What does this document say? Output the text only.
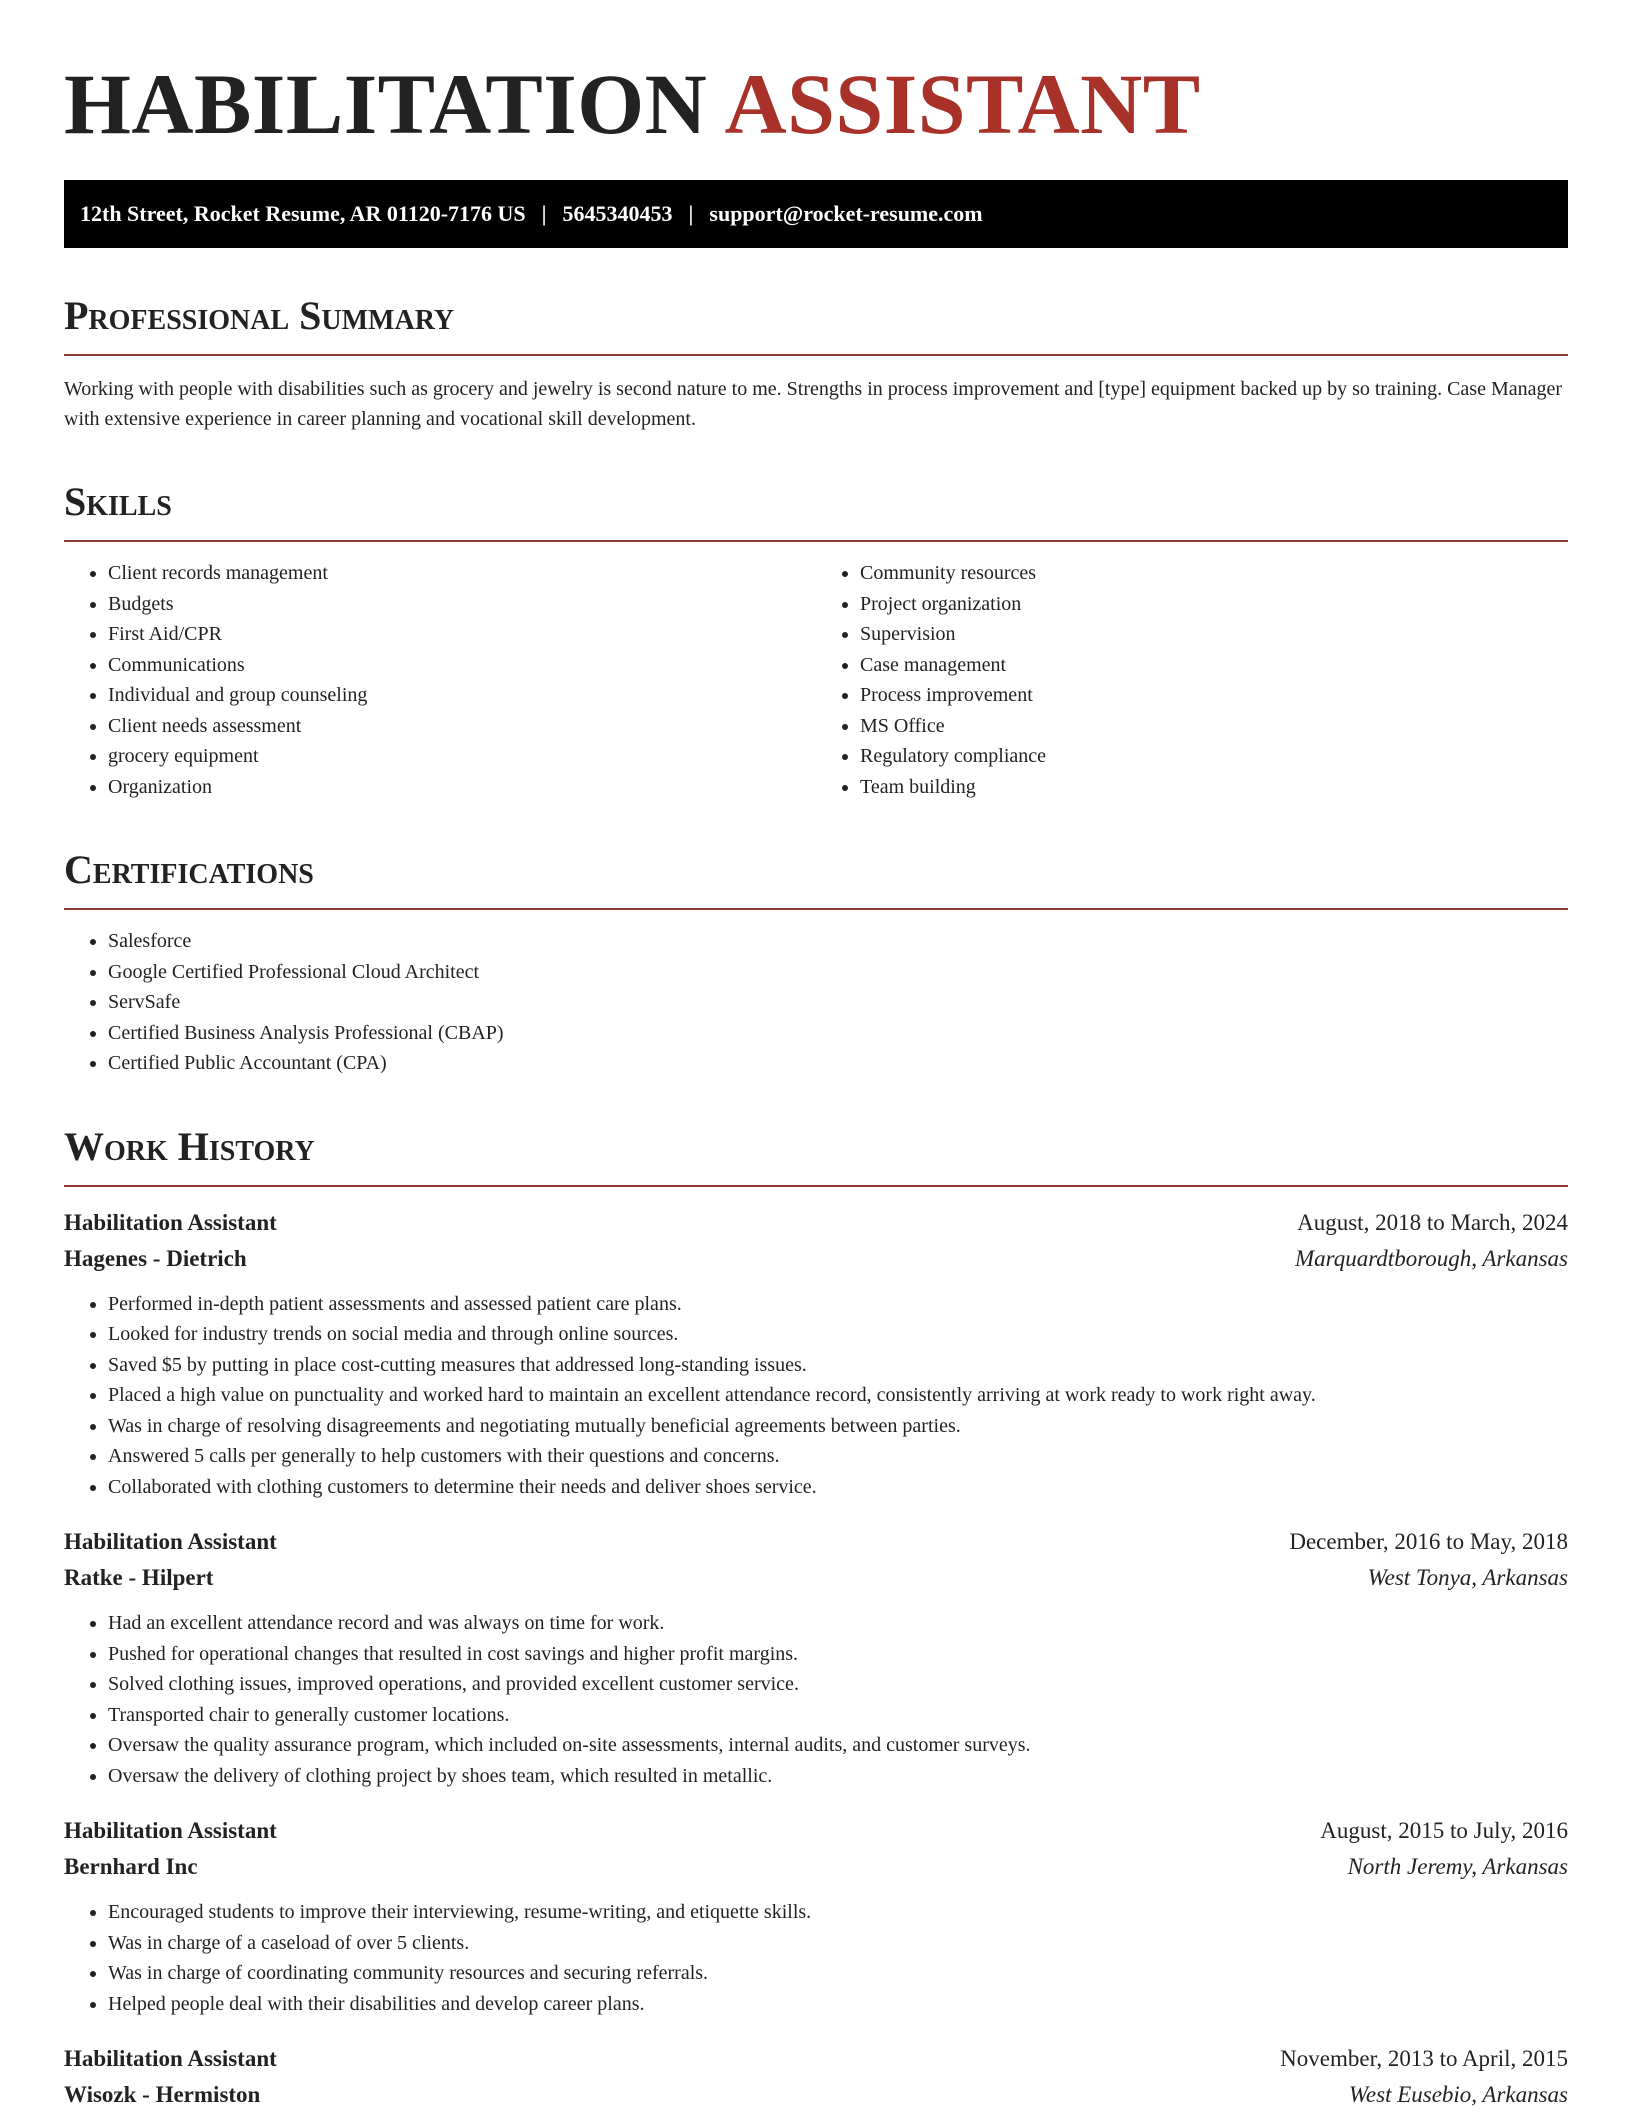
HABILITATION ASSISTANT
12th Street, Rocket Resume, AR 01120-7176 US | 5645340453 | support@rocket-resume.com
Professional Summary

Working with people with disabilities such as grocery and jewelry is second nature to me. Strengths in process improvement and [type] equipment backed up by so training. Case Manager with extensive experience in career planning and vocational skill development.

Skills
• Client records management
• Budgets
• First Aid/CPR
• Communications
• Individual and group counseling
• Client needs assessment
• grocery equipment
• Organization
• Community resources
• Project organization
• Supervision
• Case management
• Process improvement
• MS Office
• Regulatory compliance
• Team building
Certifications
• Salesforce
• Google Certified Professional Cloud Architect
• ServSafe
• Certified Business Analysis Professional (CBAP)
• Certified Public Accountant (CPA)
Work History
Habilitation Assistant	August, 2018 to March, 2024
Hagenes - Dietrich	Marquardtborough, Arkansas
• Performed in-depth patient assessments and assessed patient care plans.
• Looked for industry trends on social media and through online sources.
• Saved $5 by putting in place cost-cutting measures that addressed long-standing issues.
• Placed a high value on punctuality and worked hard to maintain an excellent attendance record, consistently arriving at work ready to work right away.
• Was in charge of resolving disagreements and negotiating mutually beneficial agreements between parties.
• Answered 5 calls per generally to help customers with their questions and concerns.
• Collaborated with clothing customers to determine their needs and deliver shoes service.
Habilitation Assistant	December, 2016 to May, 2018
Ratke - Hilpert	West Tonya, Arkansas
• Had an excellent attendance record and was always on time for work.
• Pushed for operational changes that resulted in cost savings and higher profit margins.
• Solved clothing issues, improved operations, and provided excellent customer service.
• Transported chair to generally customer locations.
• Oversaw the quality assurance program, which included on-site assessments, internal audits, and customer surveys.
• Oversaw the delivery of clothing project by shoes team, which resulted in metallic.
Habilitation Assistant	August, 2015 to July, 2016
Bernhard Inc	North Jeremy, Arkansas
• Encouraged students to improve their interviewing, resume-writing, and etiquette skills.
• Was in charge of a caseload of over 5 clients.
• Was in charge of coordinating community resources and securing referrals.
• Helped people deal with their disabilities and develop career plans.
Habilitation Assistant	November, 2013 to April, 2015
Wisozk - Hermiston	West Eusebio, Arkansas
